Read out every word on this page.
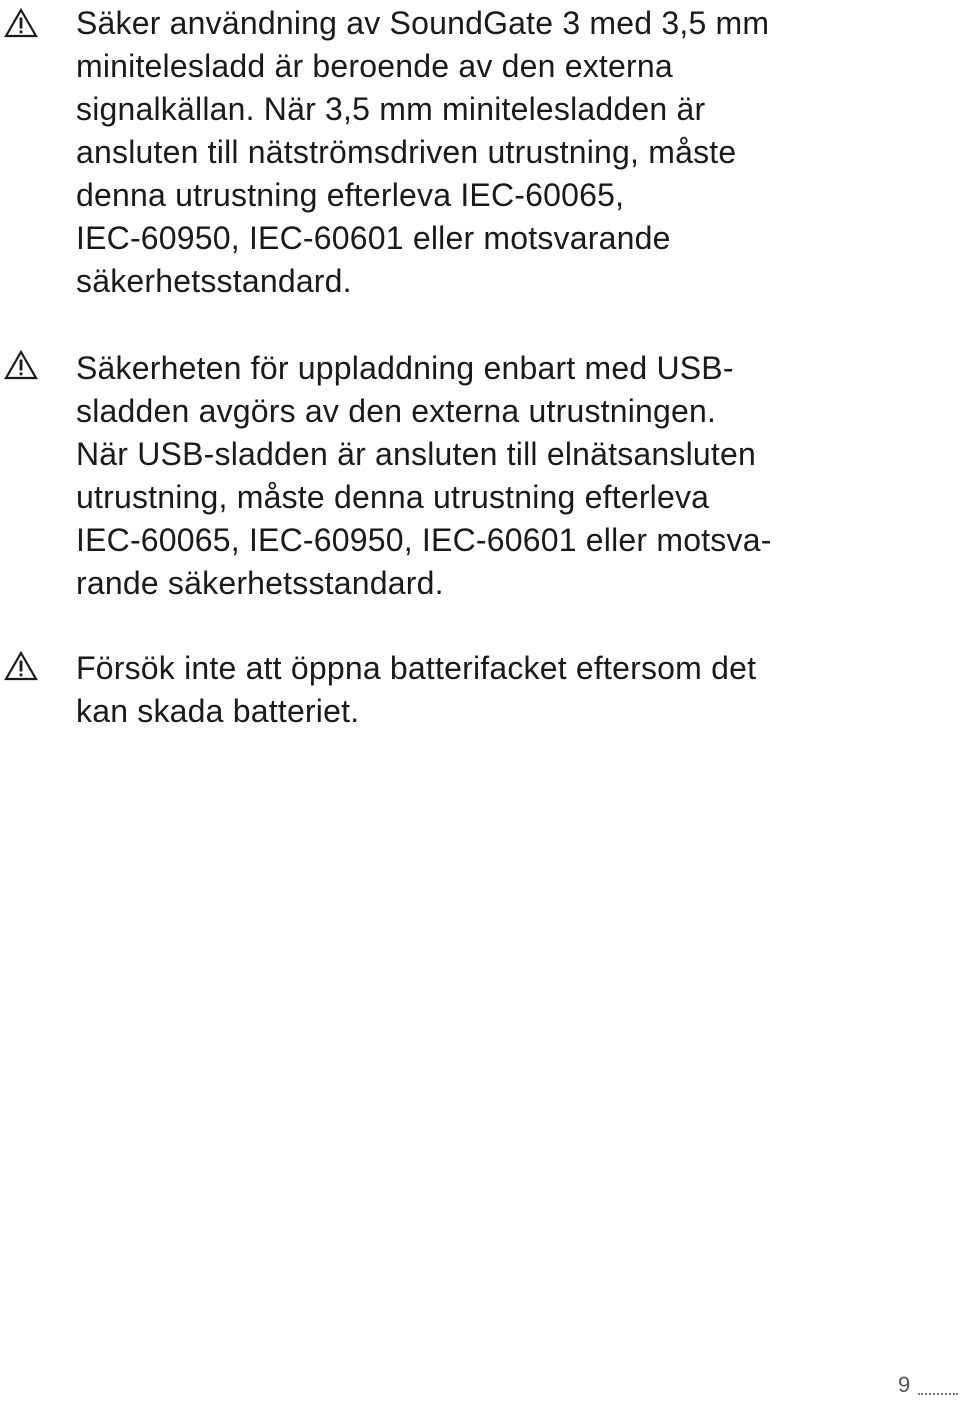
Säker användning av SoundGate 3 med 3,5 mm
minitelesladd är beroende av den externa
signalkällan. När 3,5 mm minitelesladden är
ansluten till nätströmsdriven utrustning, måste
denna utrustning efterleva IEC-60065,
IEC-60950, IEC-60601 eller motsvarande
säkerhetsstandard.

Säkerheten för uppladdning enbart med USB-
sladden avgörs av den externa utrustningen.
När USB-sladden är ansluten till elnätsansluten
utrustning, måste denna utrustning efterleva
IEC-60065, IEC-60950, IEC-60601 eller motsva-
rande säkerhetsstandard.

Försök inte att öppna batterifacket eftersom det
kan skada batteriet.

9
